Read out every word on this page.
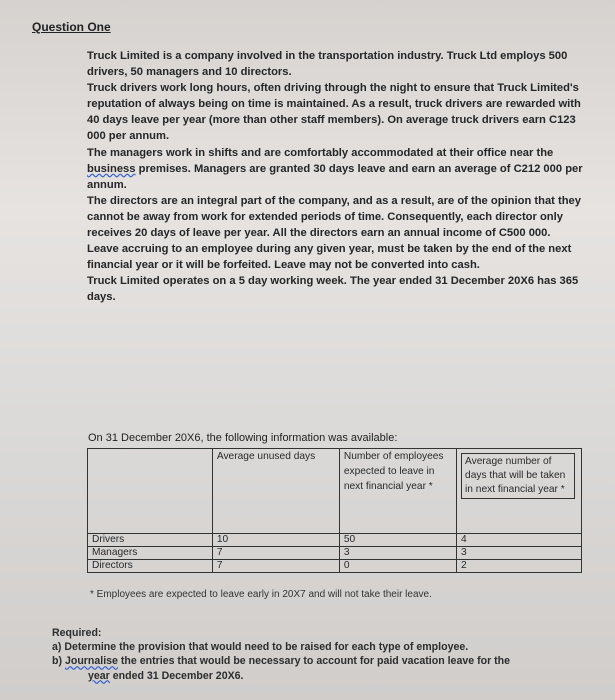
Question One

Truck Limited is a company involved in the transportation industry. Truck Ltd employs 500 drivers, 50 managers and 10 directors.

Truck drivers work long hours, often driving through the night to ensure that Truck Limited's reputation of always being on time is maintained. As a result, truck drivers are rewarded with 40 days leave per year (more than other staff members). On average truck drivers earn C123 000 per annum.

The managers work in shifts and are comfortably accommodated at their office near the business premises. Managers are granted 30 days leave and earn an average of C212 000 per annum.

The directors are an integral part of the company, and as a result, are of the opinion that they cannot be away from work for extended periods of time. Consequently, each director only receives 20 days of leave per year. All the directors earn an annual income of C500 000.

Leave accruing to an employee during any given year, must be taken by the end of the next financial year or it will be forfeited. Leave may not be converted into cash.

Truck Limited operates on a 5 day working week. The year ended 31 December 20X6 has 365 days.

On 31 December 20X6, the following information was available:

	Average unused days	Number of employees expected to leave in next financial year *	Average number of days that will be taken in next financial year *

Drivers	10	50	4
Managers	7	3	3
Directors	7	0	2
* Employees are expected to leave early in 20X7 and will not take their leave.

Required:

a) Determine the provision that would need to be raised for each type of employee.

b) Journalise the entries that would be necessary to account for paid vacation leave for the

year ended 31 December 20X6.
